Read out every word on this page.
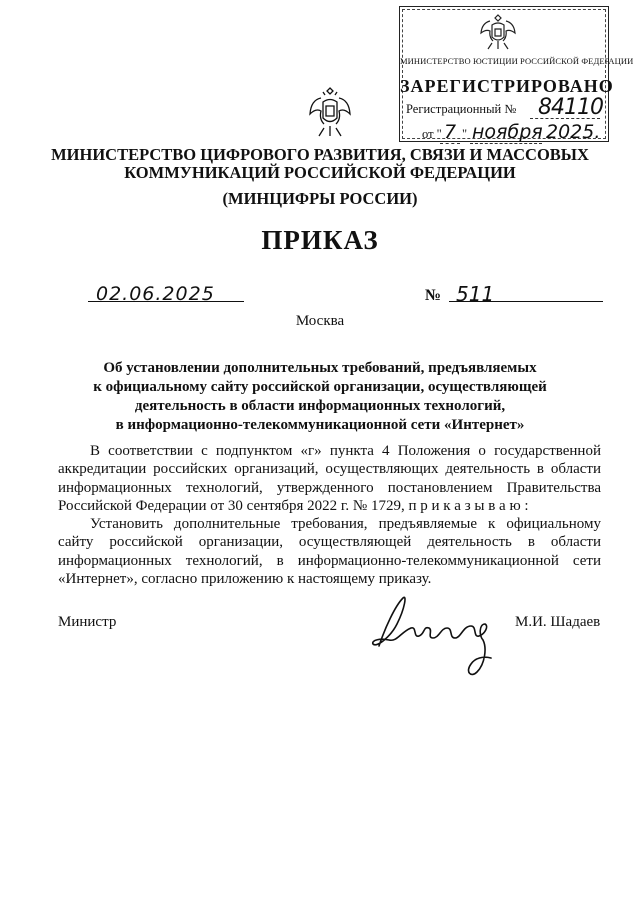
МИНИСТЕРСТВО ЮСТИЦИИ РОССИЙСКОЙ ФЕДЕРАЦИИ
ЗАРЕГИСТРИРОВАНО
Регистрационный № 84110
от " 7 " ноября 2025.
МИНИСТЕРСТВО ЦИФРОВОГО РАЗВИТИЯ, СВЯЗИ И МАССОВЫХ
КОММУНИКАЦИЙ РОССИЙСКОЙ ФЕДЕРАЦИИ
(МИНЦИФРЫ РОССИИ)
ПРИКАЗ
02.06.2025	№ 511
Москва
Об установлении дополнительных требований, предъявляемых
к официальному сайту российской организации, осуществляющей
деятельность в области информационных технологий,
в информационно-телекоммуникационной сети «Интернет»
В соответствии с подпунктом «г» пункта 4 Положения о государственной аккредитации российских организаций, осуществляющих деятельность в области информационных технологий, утвержденного постановлением Правительства Российской Федерации от 30 сентября 2022 г. № 1729, п р и к а з ы в а ю :
Установить дополнительные требования, предъявляемые к официальному сайту российской организации, осуществляющей деятельность в области информационных технологий, в информационно-телекоммуникационной сети «Интернет», согласно приложению к настоящему приказу.
Министр	М.И. Шадаев
